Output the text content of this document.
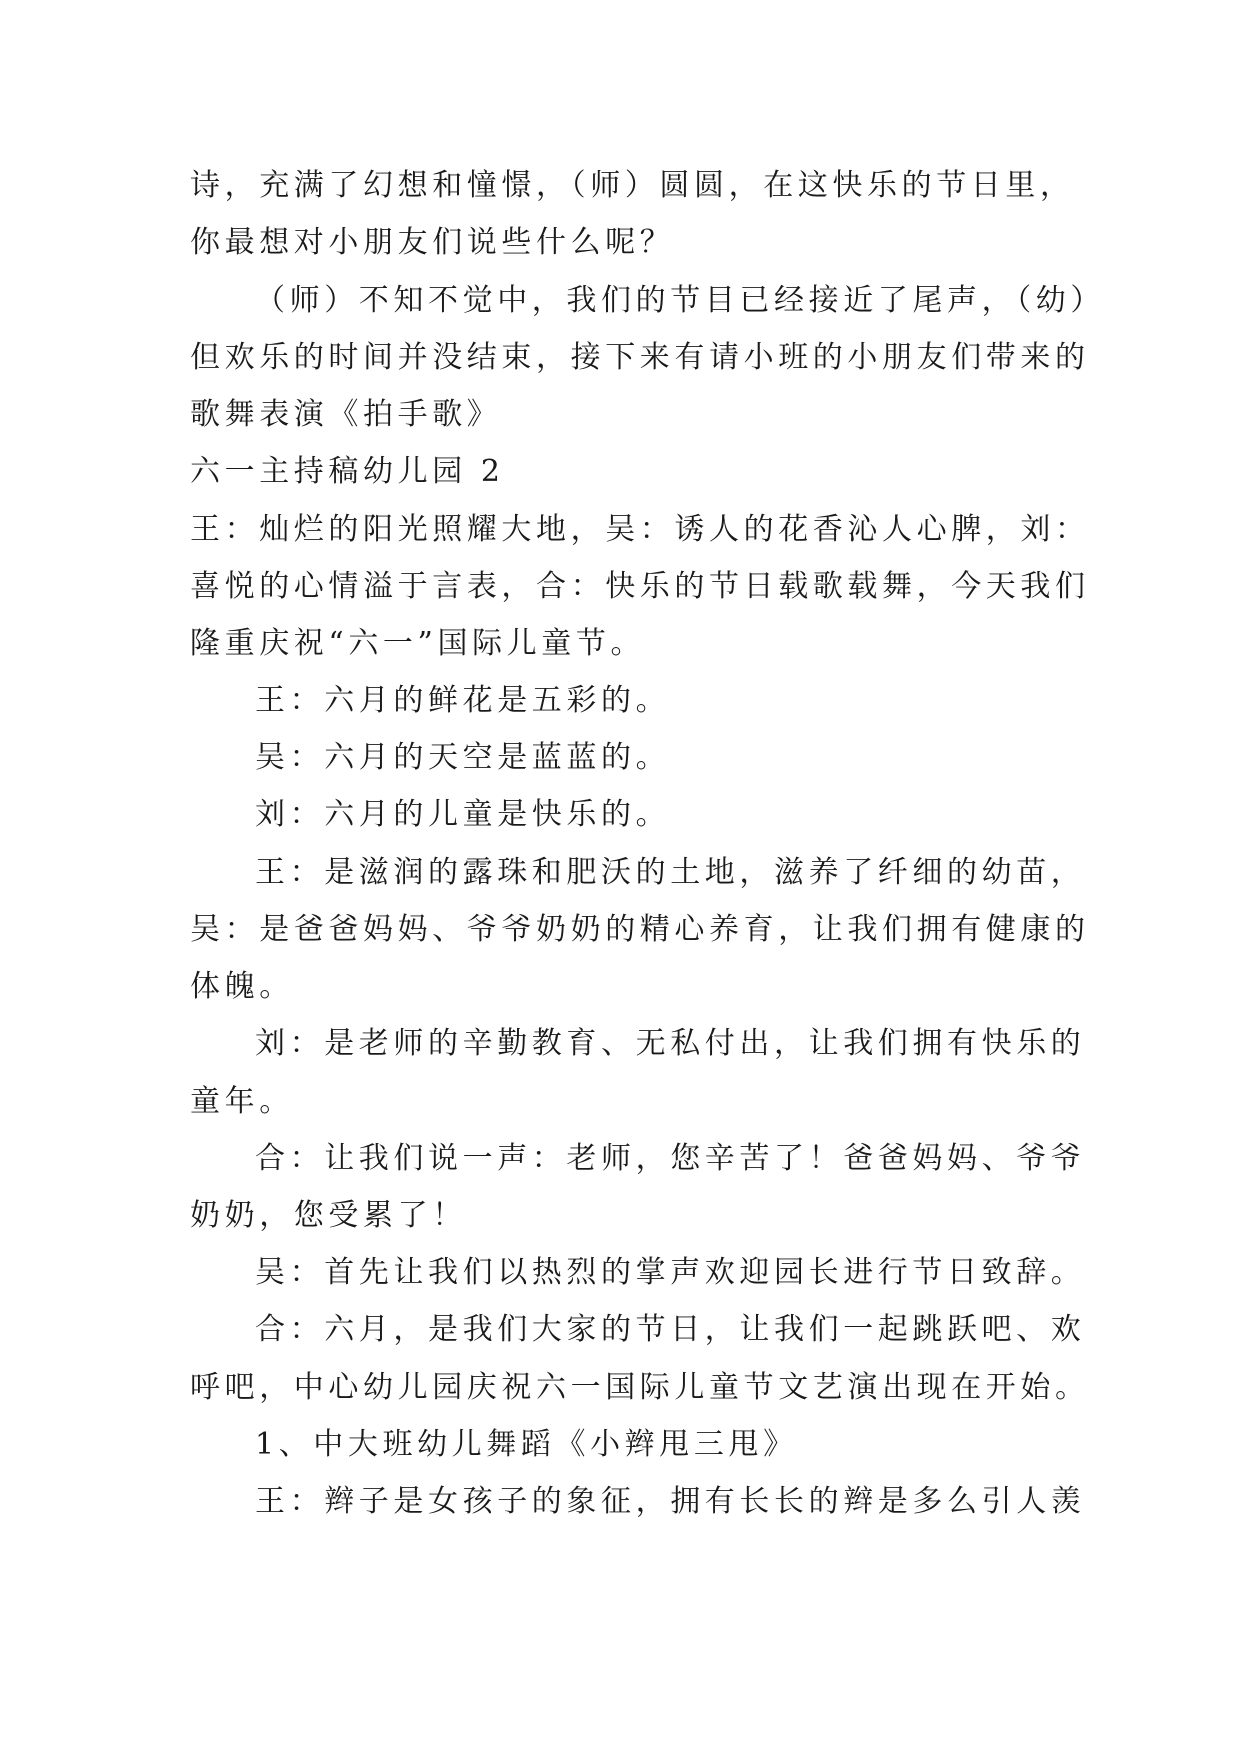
诗，充满了幻想和憧憬，（师）圆圆，在这快乐的节日里，
你最想对小朋友们说些什么呢？
（师）不知不觉中，我们的节目已经接近了尾声，（幼）
但欢乐的时间并没结束，接下来有请小班的小朋友们带来的
歌舞表演《拍手歌》
六一主持稿幼儿园 2
王：灿烂的阳光照耀大地，吴：诱人的花香沁人心脾，刘：
喜悦的心情溢于言表，合：快乐的节日载歌载舞，今天我们
隆重庆祝“六一”国际儿童节。
王：六月的鲜花是五彩的。
吴：六月的天空是蓝蓝的。
刘：六月的儿童是快乐的。
王：是滋润的露珠和肥沃的土地，滋养了纤细的幼苗，
吴：是爸爸妈妈、爷爷奶奶的精心养育，让我们拥有健康的
体魄。
刘：是老师的辛勤教育、无私付出，让我们拥有快乐的
童年。
合：让我们说一声：老师，您辛苦了！爸爸妈妈、爷爷
奶奶，您受累了！
吴：首先让我们以热烈的掌声欢迎园长进行节日致辞。
合：六月，是我们大家的节日，让我们一起跳跃吧、欢
呼吧，中心幼儿园庆祝六一国际儿童节文艺演出现在开始。
1、中大班幼儿舞蹈《小辫甩三甩》
王：辫子是女孩子的象征，拥有长长的辫是多么引人羡
